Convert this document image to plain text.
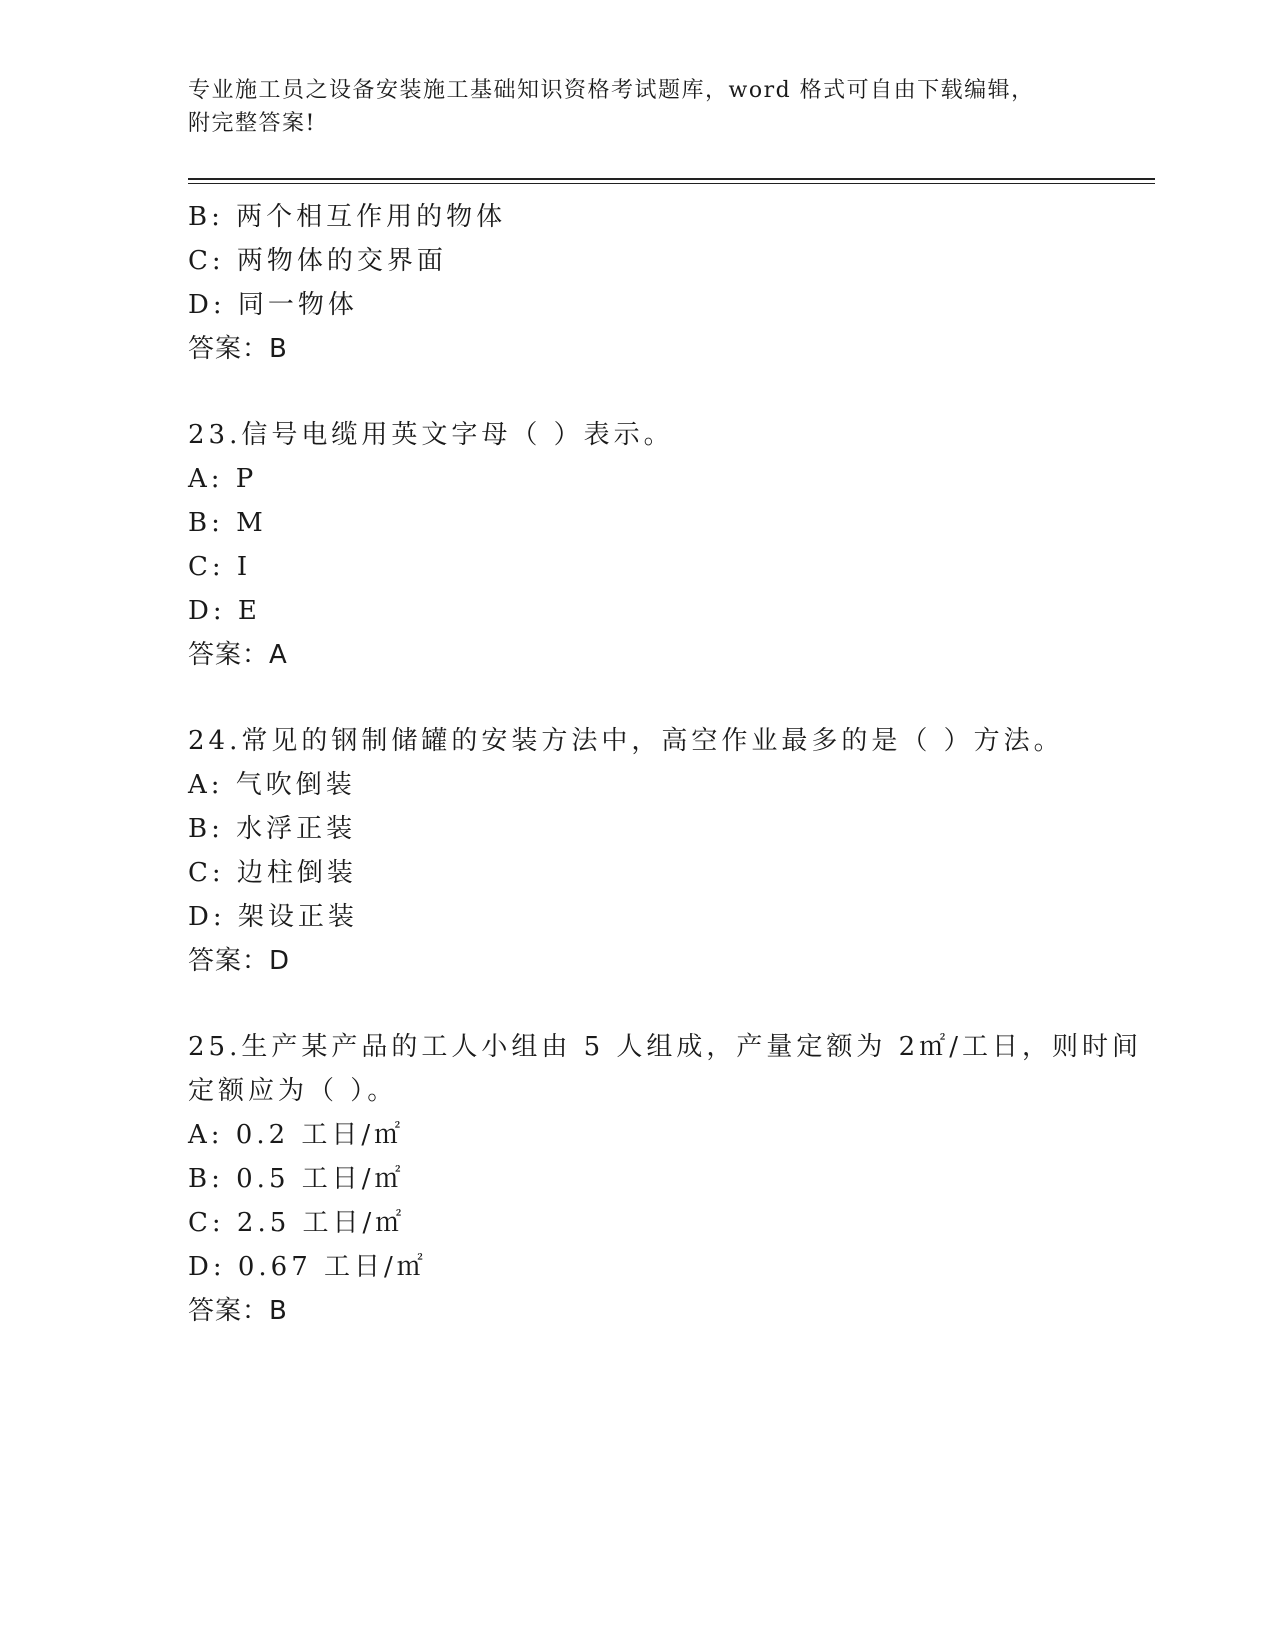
专业施工员之设备安装施工基础知识资格考试题库，word 格式可自由下载编辑，
附完整答案!
B: 两个相互作用的物体
C: 两物体的交界面
D: 同一物体
答案：B
23.信号电缆用英文字母（ ）表示。
A: P
B: M
C: I
D: E
答案：A
24.常见的钢制储罐的安装方法中，高空作业最多的是（ ）方法。
A: 气吹倒装
B: 水浮正装
C: 边柱倒装
D: 架设正装
答案：D
25.生产某产品的工人小组由 5 人组成，产量定额为 2㎡/工日，则时间
定额应为（ ）。
A: 0.2 工日/㎡
B: 0.5 工日/㎡
C: 2.5 工日/㎡
D: 0.67 工日/㎡
答案：B
